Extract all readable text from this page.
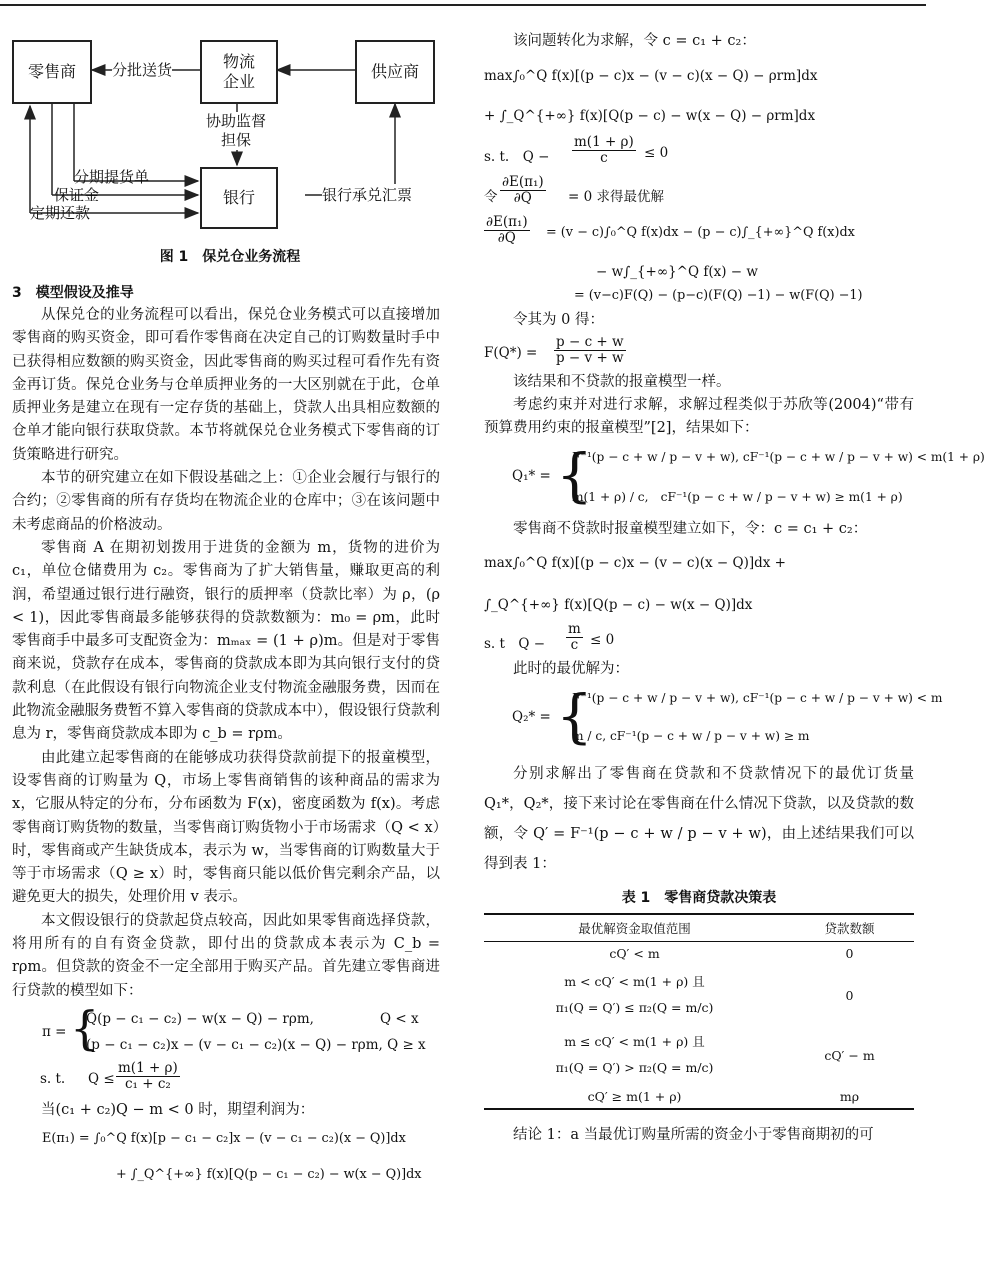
零售商
物流
企业
供应商
银行
分批送货
协助监督
担保
分期提货单
保证金
定期还款
银行承兑汇票
图 1　保兑仓业务流程
3　模型假设及推导

从保兑仓的业务流程可以看出，保兑仓业务模式可以直接增加零售商的购买资金，即可看作零售商在决定自己的订购数量时手中已获得相应数额的购买资金，因此零售商的购买过程可看作先有资金再订货。保兑仓业务与仓单质押业务的一大区别就在于此，仓单质押业务是建立在现有一定存货的基础上，贷款人出具相应数额的仓单才能向银行获取贷款。本节将就保兑仓业务模式下零售商的订货策略进行研究。

本节的研究建立在如下假设基础之上：①企业会履行与银行的合约；②零售商的所有存货均在物流企业的仓库中；③在该问题中未考虑商品的价格波动。

零售商 A 在期初划拨用于进货的金额为 m，货物的进价为 c₁，单位仓储费用为 c₂。零售商为了扩大销售量，赚取更高的利润，希望通过银行进行融资，银行的质押率（贷款比率）为 ρ，(ρ < 1)，因此零售商最多能够获得的贷款数额为：m₀ = ρm，此时零售商手中最多可支配资金为：mₘₐₓ = (1 + ρ)m。但是对于零售商来说，贷款存在成本，零售商的贷款成本即为其向银行支付的贷款利息（在此假设有银行向物流企业支付物流金融服务费，因而在此物流金融服务费暂不算入零售商的贷款成本中），假设银行贷款利息为 r，零售商贷款成本即为 c_b = rρm。

由此建立起零售商的在能够成功获得贷款前提下的报童模型，设零售商的订购量为 Q，市场上零售商销售的该种商品的需求为 x，它服从特定的分布，分布函数为 F(x)，密度函数为 f(x)。考虑零售商订购货物的数量，当零售商订购货物小于市场需求（Q < x）时，零售商或产生缺货成本，表示为 w，当零售商的订购数量大于等于市场需求（Q ≥ x）时，零售商只能以低价售完剩余产品，以避免更大的损失，处理价用 v 表示。

本文假设银行的贷款起贷点较高，因此如果零售商选择贷款，将用所有的自有资金贷款，即付出的贷款成本表示为 C_b = rρm。但贷款的资金不一定全部用于购买产品。首先建立零售商进行贷款的模型如下：

π = {
Q(p − c₁ − c₂) − w(x − Q) − rρm,	Q < x
(p − c₁ − c₂)x − (v − c₁ − c₂)(x − Q) − rρm, Q ≥ x
s. t. $Q \le \frac{m(1 + \rho)}{\text{c₁ + c₂}}$

当(c₁ + c₂)Q − m < 0 时，期望利润为：

E(π₁) = ∫₀^Q f(x)[p − c₁ − c₂]x − (v − c₁ − c₂)(x − Q)]dx
+ ∫_Q^{+∞} f(x)[Q(p − c₁ − c₂) − w(x − Q)]dx

该问题转化为求解，令 c = c₁ + c₂：

max∫₀^Q f(x)[(p − c)x − (v − c)(x − Q) − ρrm]dx
+ ∫_Q^{+∞} f(x)[Q(p − c) − w(x − Q) − ρrm]dx
s. t.　$Q - \frac{m(1 + \rho)}{c} \le 0$
令 $\frac{\text{∂E(π₁)}}{\partial Q} = 0$ 求得最优解
$\frac{\text{∂E(π₁)}}{\partial Q} = (v$ − c)∫₀^Q f(x)dx − (p − c)∫_{+∞}^Q f(x)dx
− w∫_{+∞}^Q f(x) − w
= (v−c)F(Q) − (p−c)(F(Q) −1) − w(F(Q) −1)

令其为 0 得：

$F(Q*) = \frac{p - c + w}{p - v + w}$

该结果和不贷款的报童模型一样。

考虑约束并对进行求解，求解过程类似于苏欣等(2004)“带有预算费用约束的报童模型”[2]，结果如下：

Q₁* = {
F⁻¹(p − c + w / p − v + w), cF⁻¹(p − c + w / p − v + w) < m(1 + ρ)
m(1 + ρ) / c,　cF⁻¹(p − c + w / p − v + w) ≥ m(1 + ρ)

零售商不贷款时报童模型建立如下，令：c = c₁ + c₂：

max∫₀^Q f(x)[(p − c)x − (v − c)(x − Q)]dx +
∫_Q^{+∞} f(x)[Q(p − c) − w(x − Q)]dx
s. t　$Q - \frac{m}{c} \le 0$

此时的最优解为：

Q₂* = {
F⁻¹(p − c + w / p − v + w), cF⁻¹(p − c + w / p − v + w) < m
m / c, cF⁻¹(p − c + w / p − v + w) ≥ m

分别求解出了零售商在贷款和不贷款情况下的最优订货量 Q₁*，Q₂*，接下来讨论在零售商在什么情况下贷款，以及贷款的数额，令 Q′ = F⁻¹(p − c + w / p − v + w)，由上述结果我们可以得到表 1：

表 1　零售商贷款决策表
最优解资金取值范围	贷款数额
cQ′ < m	0

m < cQ′ < m(1 + ρ) 且
π₁(Q = Q′) ≤ π₂(Q = m/c)	0

m ≤ cQ′ < m(1 + ρ) 且
π₁(Q = Q′) > π₂(Q = m/c)	cQ′ − m
cQ′ ≥ m(1 + ρ)	mρ

结论 1：a 当最优订购量所需的资金小于零售商期初的可
